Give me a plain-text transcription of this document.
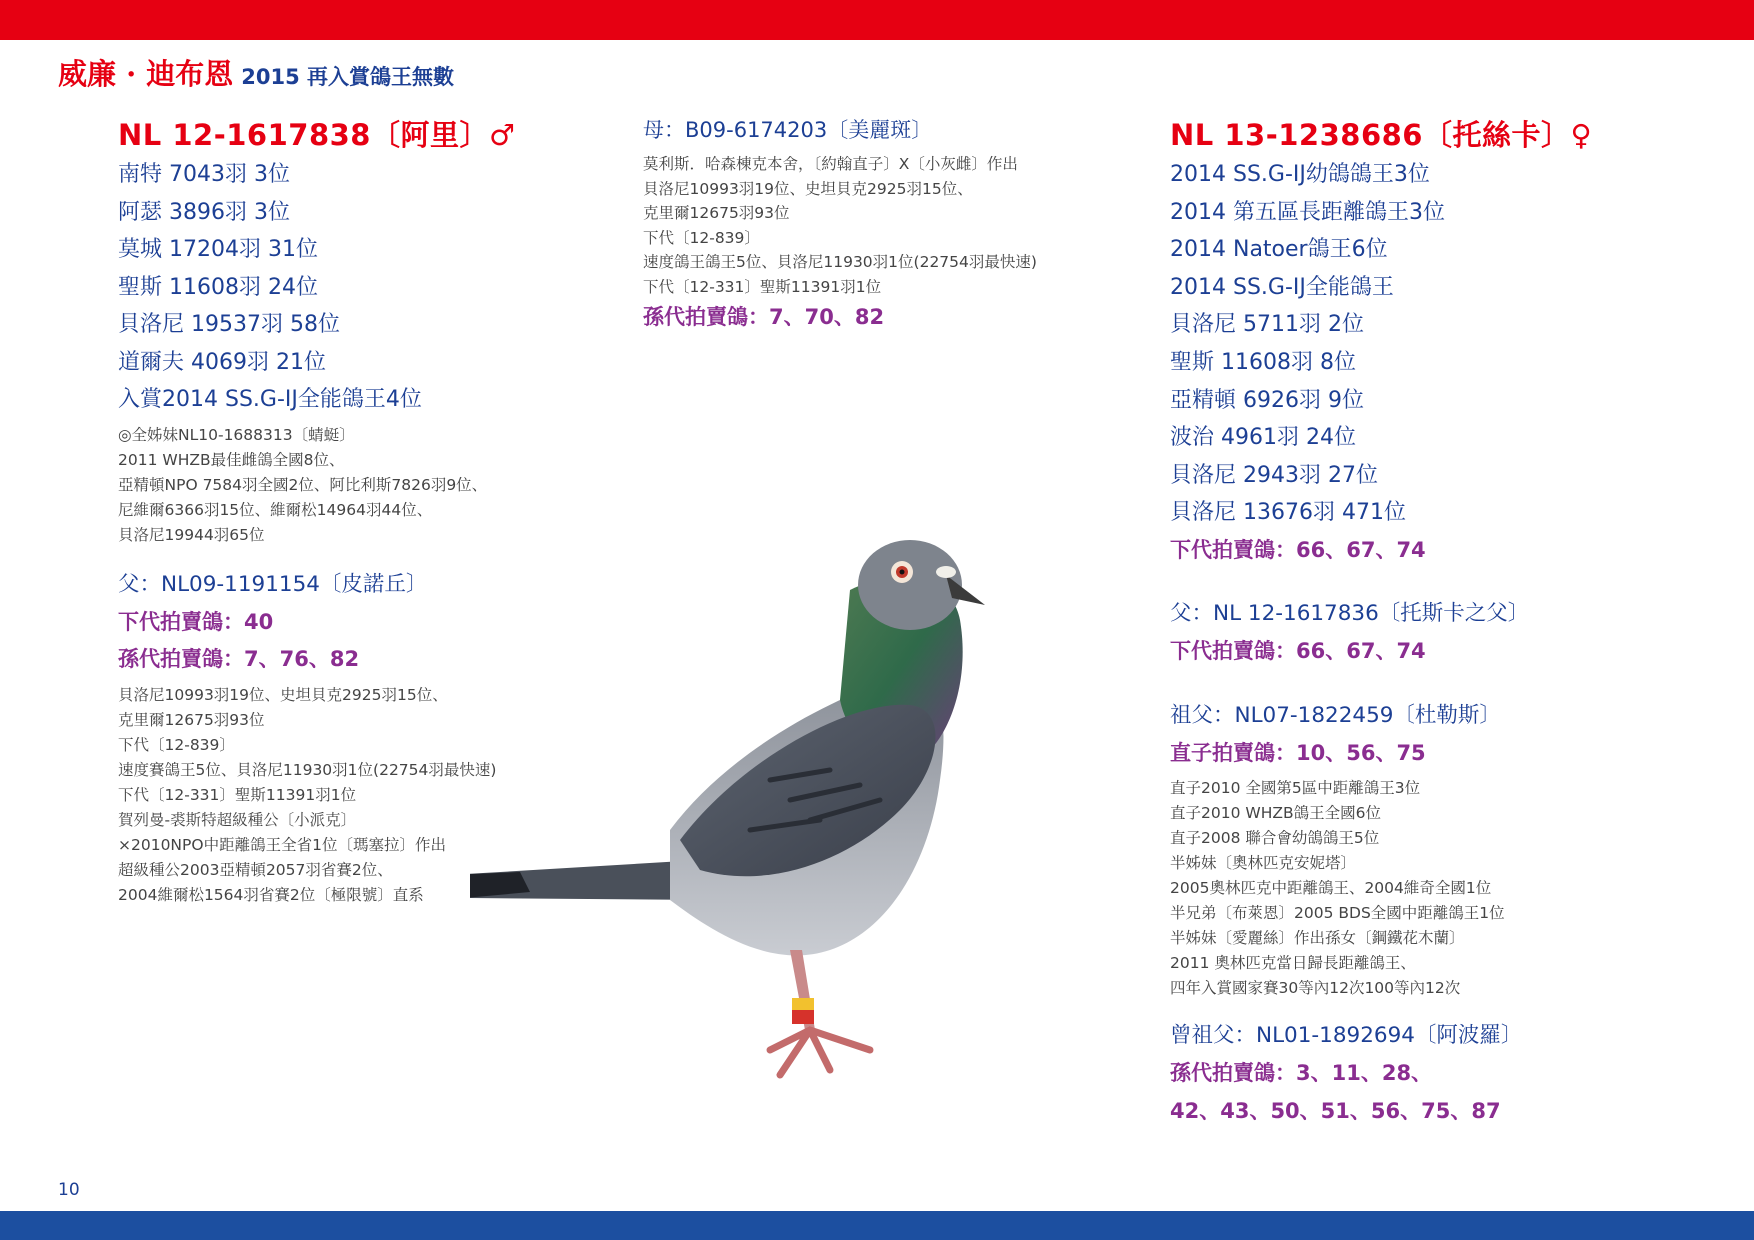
威廉 · 迪布恩 2015 再入賞鴿王無數
NL 12-1617838〔阿里〕♂
南特 7043羽 3位
阿瑟 3896羽 3位
莫城 17204羽 31位
聖斯 11608羽 24位
貝洛尼 19537羽 58位
道爾夫 4069羽 21位
入賞2014 SS.G-IJ全能鴿王4位
◎全姊妹NL10-1688313〔蜻蜓〕
2011 WHZB最佳雌鴿全國8位、
亞精頓NPO 7584羽全國2位、阿比利斯7826羽9位、
尼維爾6366羽15位、維爾松14964羽44位、
貝洛尼19944羽65位
父：NL09-1191154〔皮諾丘〕
下代拍賣鴿：40
孫代拍賣鴿：7、76、82
貝洛尼10993羽19位、史坦貝克2925羽15位、
克里爾12675羽93位
下代〔12-839〕
速度賽鴿王5位、貝洛尼11930羽1位(22754羽最快速)
下代〔12-331〕聖斯11391羽1位
賀列曼-裘斯特超級種公〔小派克〕
×2010NPO中距離鴿王全省1位〔瑪塞拉〕作出
超級種公2003亞精頓2057羽省賽2位、
2004維爾松1564羽省賽2位〔極限號〕直系
母：B09-6174203〔美麗斑〕
莫利斯．哈森棟克本舍，〔約翰直子〕X〔小灰雌〕作出
貝洛尼10993羽19位、史坦貝克2925羽15位、
克里爾12675羽93位
下代〔12-839〕
速度鴿王鴿王5位、貝洛尼11930羽1位(22754羽最快速)
下代〔12-331〕聖斯11391羽1位
孫代拍賣鴿：7、70、82
NL 13-1238686〔托絲卡〕♀
2014 SS.G-IJ幼鴿鴿王3位
2014 第五區長距離鴿王3位
2014 Natoer鴿王6位
2014 SS.G-IJ全能鴿王
貝洛尼 5711羽 2位
聖斯 11608羽 8位
亞精頓 6926羽 9位
波治 4961羽 24位
貝洛尼 2943羽 27位
貝洛尼 13676羽 471位
下代拍賣鴿：66、67、74
父：NL 12-1617836〔托斯卡之父〕
下代拍賣鴿：66、67、74
祖父：NL07-1822459〔杜勒斯〕
直子拍賣鴿：10、56、75
直子2010 全國第5區中距離鴿王3位
直子2010 WHZB鴿王全國6位
直子2008 聯合會幼鴿鴿王5位
半姊妹〔奧林匹克安妮塔〕
2005奧林匹克中距離鴿王、2004維奇全國1位
半兄弟〔布萊恩〕2005 BDS全國中距離鴿王1位
半姊妹〔愛麗絲〕作出孫女〔鋼鐵花木蘭〕
2011 奧林匹克當日歸長距離鴿王、
四年入賞國家賽30等內12次100等內12次
曾祖父：NL01-1892694〔阿波羅〕
孫代拍賣鴿：3、11、28、
42、43、50、51、56、75、87
10
